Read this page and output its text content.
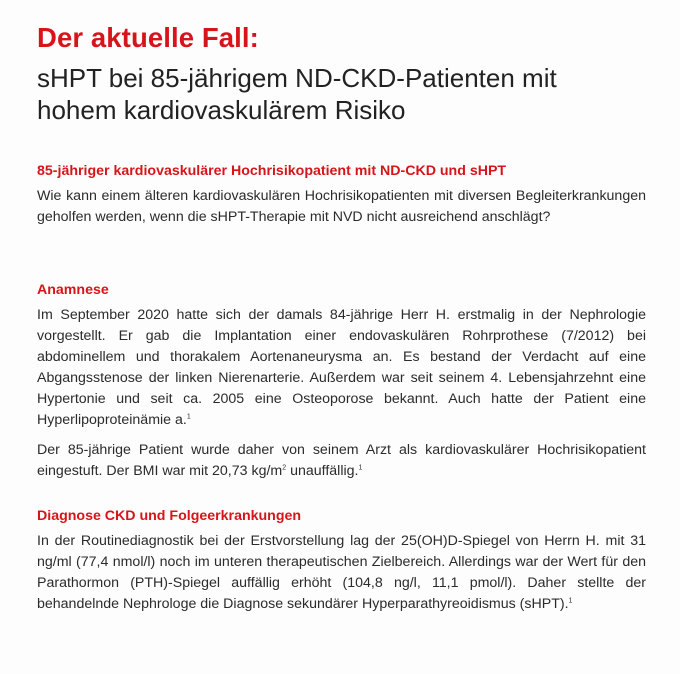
Der aktuelle Fall:
sHPT bei 85-jährigem ND-CKD-Patienten mit
hohem kardiovaskulärem Risiko
85-jähriger kardiovaskulärer Hochrisikopatient mit ND-CKD und sHPT

Wie kann einem älteren kardiovaskulären Hochrisikopatienten mit diversen Begleiterkrankungen geholfen werden, wenn die sHPT-Therapie mit NVD nicht ausreichend anschlägt?

Anamnese

Im September 2020 hatte sich der damals 84-jährige Herr H. erstmalig in der Nephrologie vorgestellt. Er gab die Implantation einer endovaskulären Rohrprothese (7/2012) bei abdominellem und thorakalem Aortenaneurysma an. Es bestand der Verdacht auf eine Abgangsstenose der linken Nierenarterie. Außerdem war seit seinem 4. Lebensjahrzehnt eine Hypertonie und seit ca. 2005 eine Osteoporose bekannt. Auch hatte der Patient eine Hyperlipoproteinämie a.$^1$

Der 85-jährige Patient wurde daher von seinem Arzt als kardiovaskulärer Hochrisikopatient eingestuft. Der BMI war mit 20,73 $kg/m^2$ unauffällig.$^1$

Diagnose CKD und Folgeerkrankungen

In der Routinediagnostik bei der Erstvorstellung lag der 25(OH)D-Spiegel von Herrn H. mit 31 ng/ml (77,4 nmol/l) noch im unteren therapeutischen Zielbereich. Allerdings war der Wert für den Parathormon (PTH)-Spiegel auffällig erhöht (104,8 ng/l, 11,1 pmol/l). Daher stellte der behandelnde Nephrologe die Diagnose sekundärer Hyperparathyreoidismus (sHPT).$^1$
